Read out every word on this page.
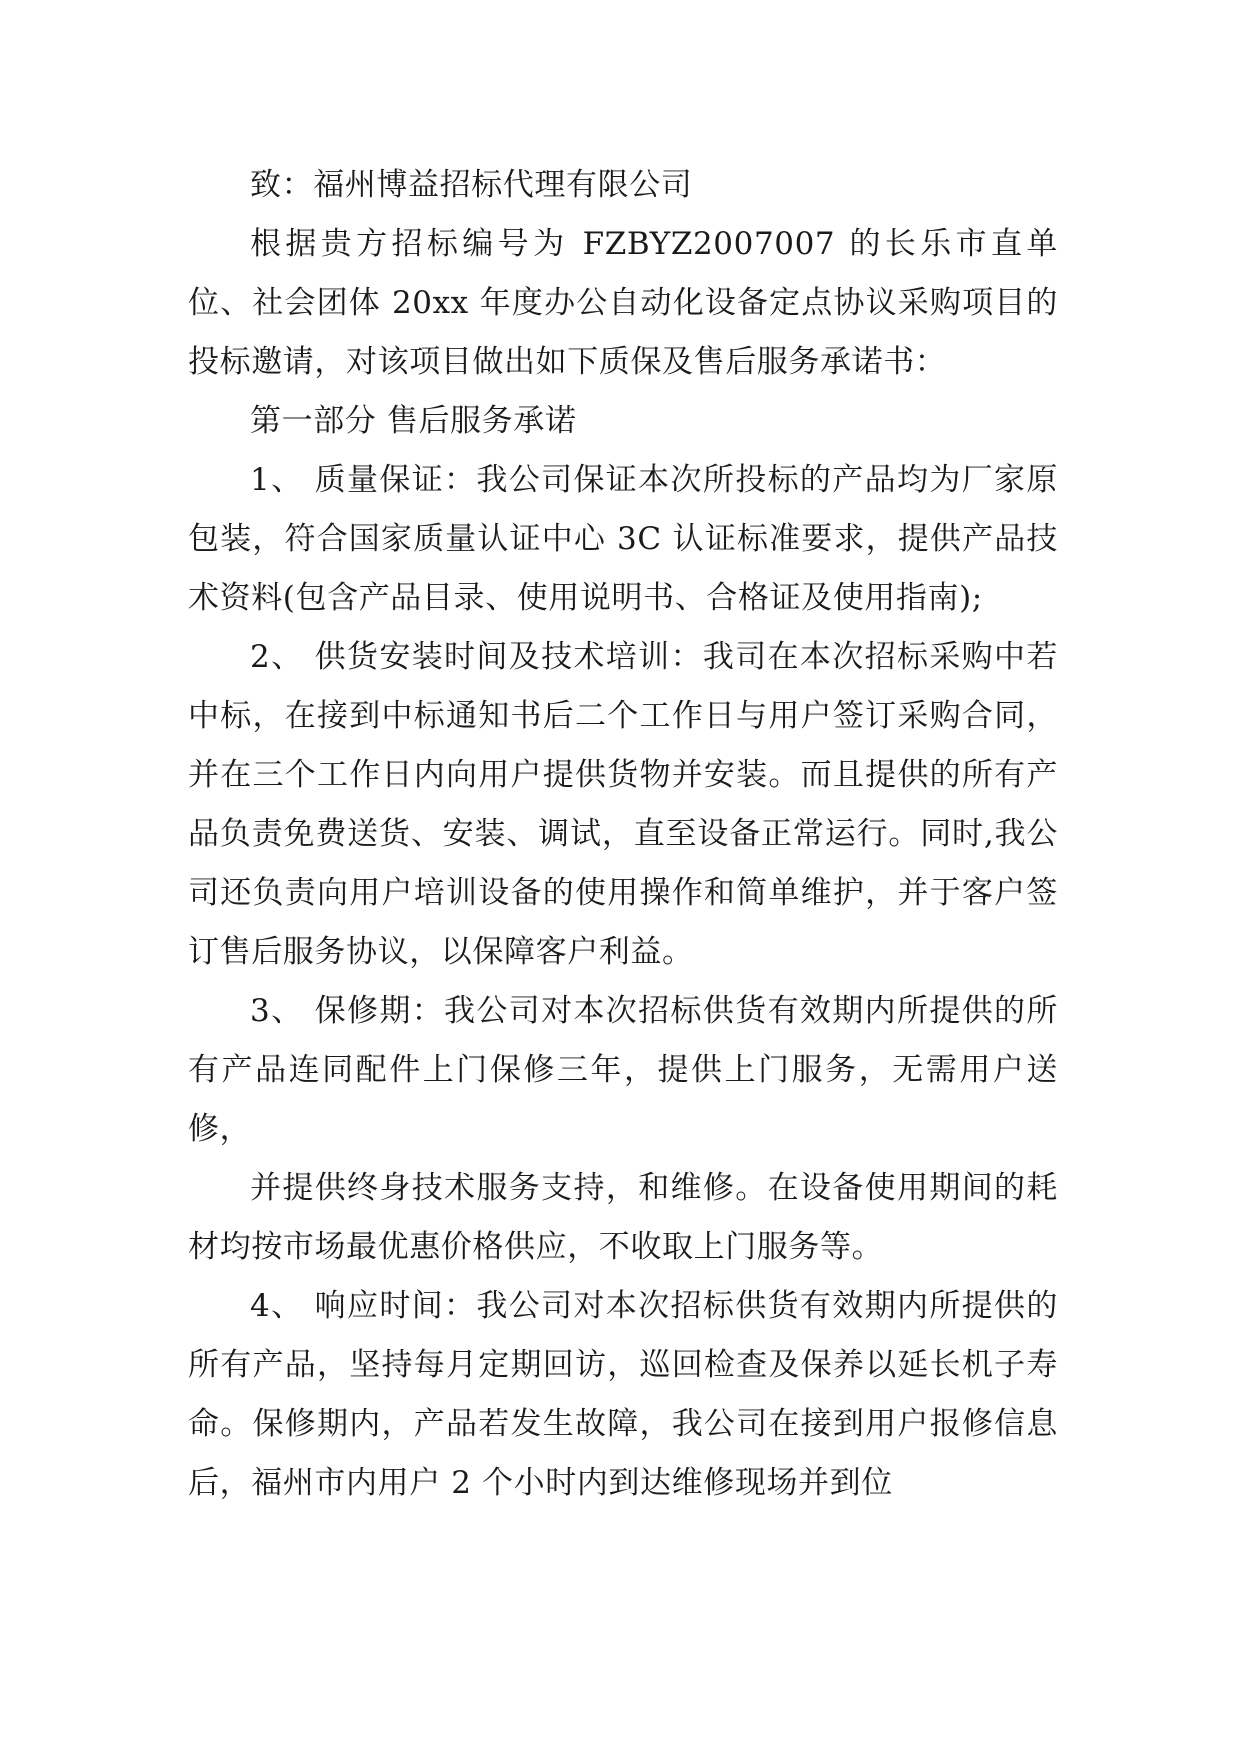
致：福州博益招标代理有限公司

根据贵方招标编号为 FZBYZ2007007 的长乐市直单位、社会团体 20xx 年度办公自动化设备定点协议采购项目的投标邀请，对该项目做出如下质保及售后服务承诺书：

第一部分 售后服务承诺

1、 质量保证：我公司保证本次所投标的产品均为厂家原包装，符合国家质量认证中心 3C 认证标准要求，提供产品技术资料(包含产品目录、使用说明书、合格证及使用指南);

2、 供货安装时间及技术培训：我司在本次招标采购中若中标，在接到中标通知书后二个工作日与用户签订采购合同，并在三个工作日内向用户提供货物并安装。而且提供的所有产品负责免费送货、安装、调试，直至设备正常运行。同时,我公司还负责向用户培训设备的使用操作和简单维护，并于客户签订售后服务协议，以保障客户利益。

3、 保修期：我公司对本次招标供货有效期内所提供的所有产品连同配件上门保修三年，提供上门服务，无需用户送修，

并提供终身技术服务支持，和维修。在设备使用期间的耗材均按市场最优惠价格供应，不收取上门服务等。

4、 响应时间：我公司对本次招标供货有效期内所提供的所有产品，坚持每月定期回访，巡回检查及保养以延长机子寿命。保修期内，产品若发生故障，我公司在接到用户报修信息后，福州市内用户 2 个小时内到达维修现场并到位
